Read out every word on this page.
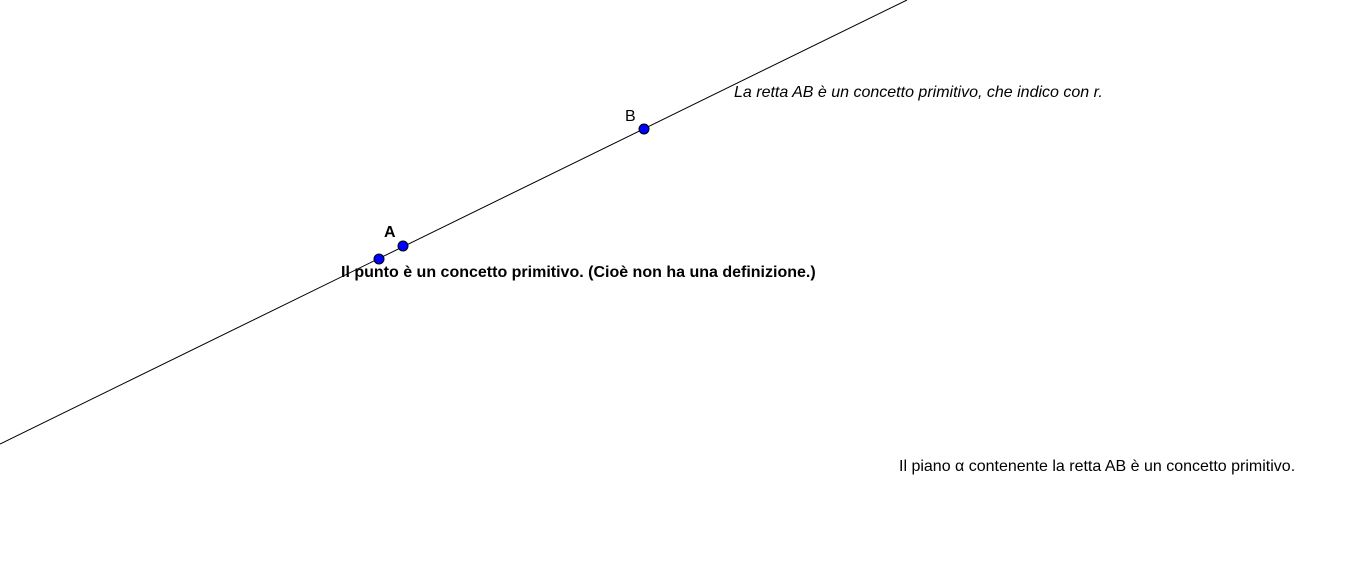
B
A
La retta AB è un concetto primitivo, che indico con r.
Il punto è un concetto primitivo. (Cioè non ha una definizione.)
Il piano α contenente la retta AB è un concetto primitivo.
